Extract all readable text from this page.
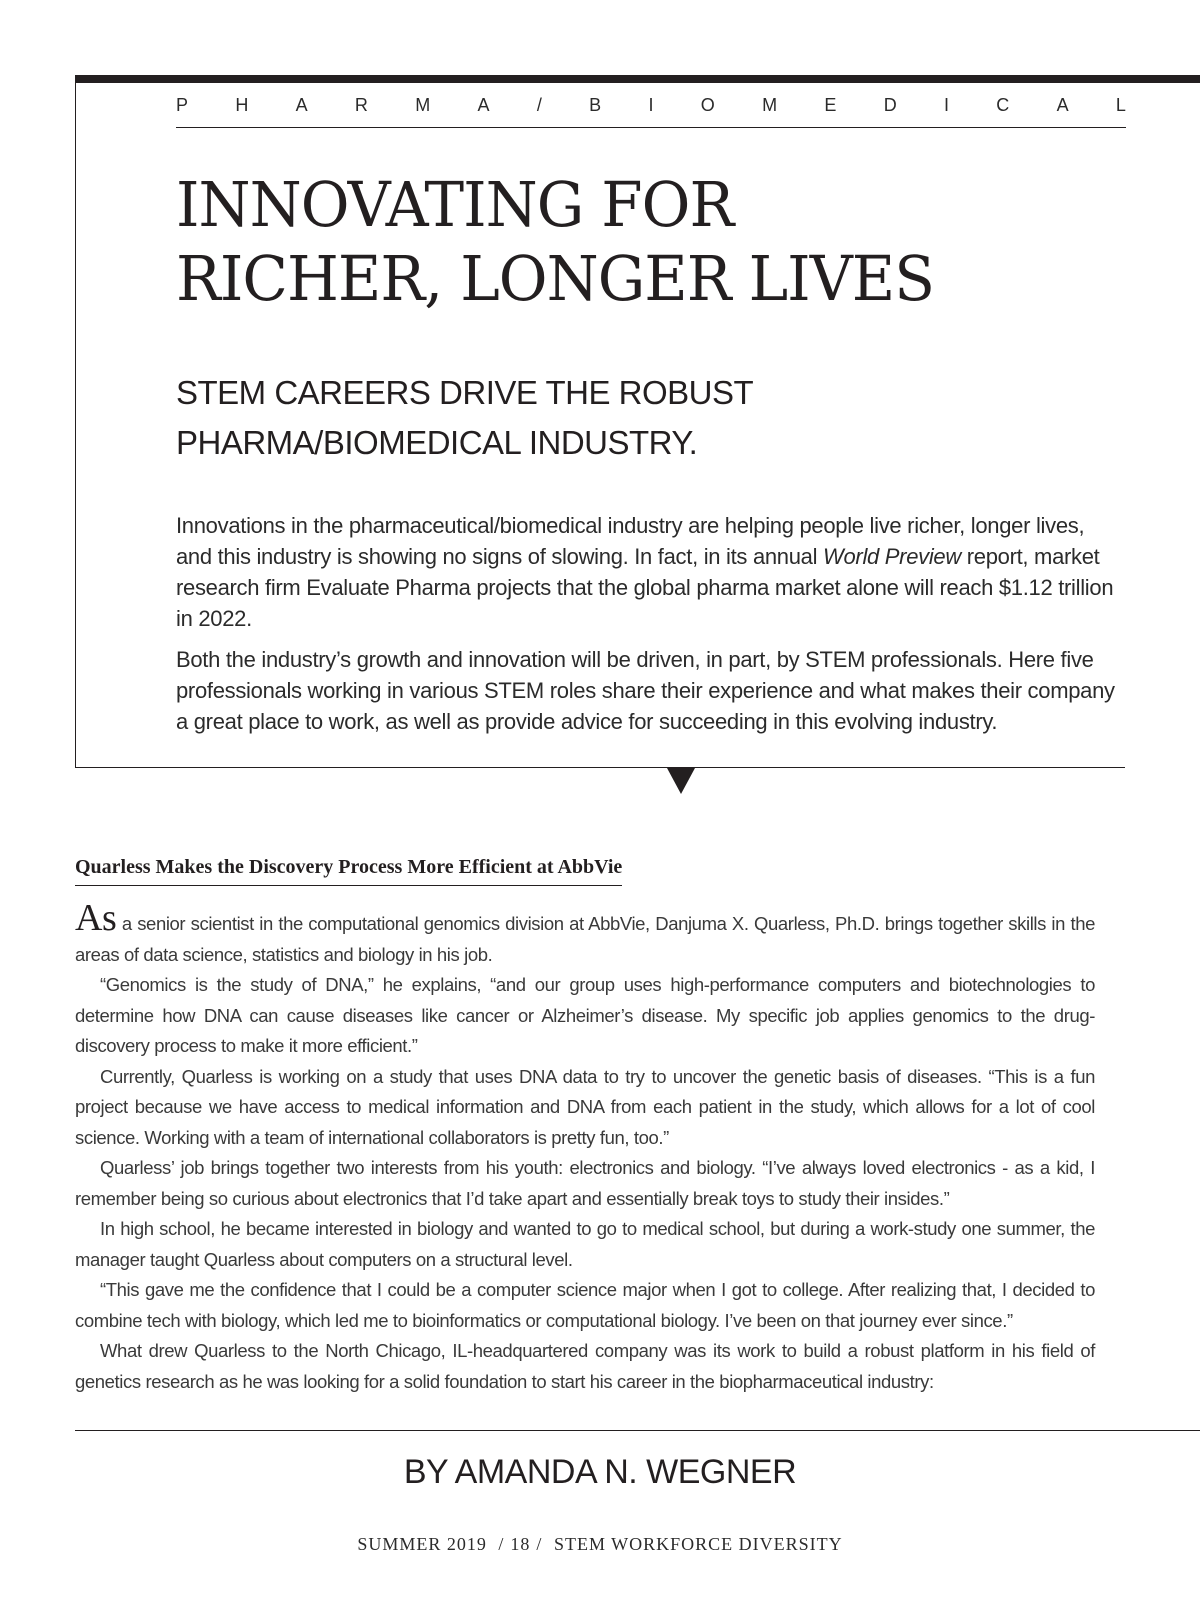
P	H	A	R	M	A	/	B	I	O	M	E	D	I	C	A	L
INNOVATING FOR
RICHER, LONGER LIVES
STEM CAREERS DRIVE THE ROBUST
PHARMA/BIOMEDICAL INDUSTRY.

Innovations in the pharmaceutical/biomedical industry are helping people live richer, longer lives, and this industry is showing no signs of slowing. In fact, in its annual World Preview report, market research firm Evaluate Pharma projects that the global pharma market alone will reach $1.12 trillion in 2022.

Both the industry’s growth and innovation will be driven, in part, by STEM professionals. Here five professionals working in various STEM roles share their experience and what makes their company a great place to work, as well as provide advice for succeeding in this evolving industry.

Quarless Makes the Discovery Process More Efficient at AbbVie

As a senior scientist in the computational genomics division at AbbVie, Danjuma X. Quarless, Ph.D. brings together skills in the areas of data science, statistics and biology in his job.

“Genomics is the study of DNA,” he explains, “and our group uses high-performance computers and biotechnologies to determine how DNA can cause diseases like cancer or Alzheimer’s disease. My specific job applies genomics to the drug-discovery process to make it more efficient.”

Currently, Quarless is working on a study that uses DNA data to try to uncover the genetic basis of diseases. “This is a fun project because we have access to medical information and DNA from each patient in the study, which allows for a lot of cool science. Working with a team of international collaborators is pretty fun, too.”

Quarless’ job brings together two interests from his youth: electronics and biology. “I’ve always loved electronics - as a kid, I remember being so curious about electronics that I’d take apart and essentially break toys to study their insides.”

In high school, he became interested in biology and wanted to go to medical school, but during a work-study one summer, the manager taught Quarless about computers on a structural level.

“This gave me the confidence that I could be a computer science major when I got to college. After realizing that, I decided to combine tech with biology, which led me to bioinformatics or computational biology. I’ve been on that journey ever since.”

What drew Quarless to the North Chicago, IL-headquartered company was its work to build a robust platform in his field of genetics research as he was looking for a solid foundation to start his career in the biopharmaceutical industry:

BY AMANDA N. WEGNER
SUMMER 2019 / 18 / STEM WORKFORCE DIVERSITY
